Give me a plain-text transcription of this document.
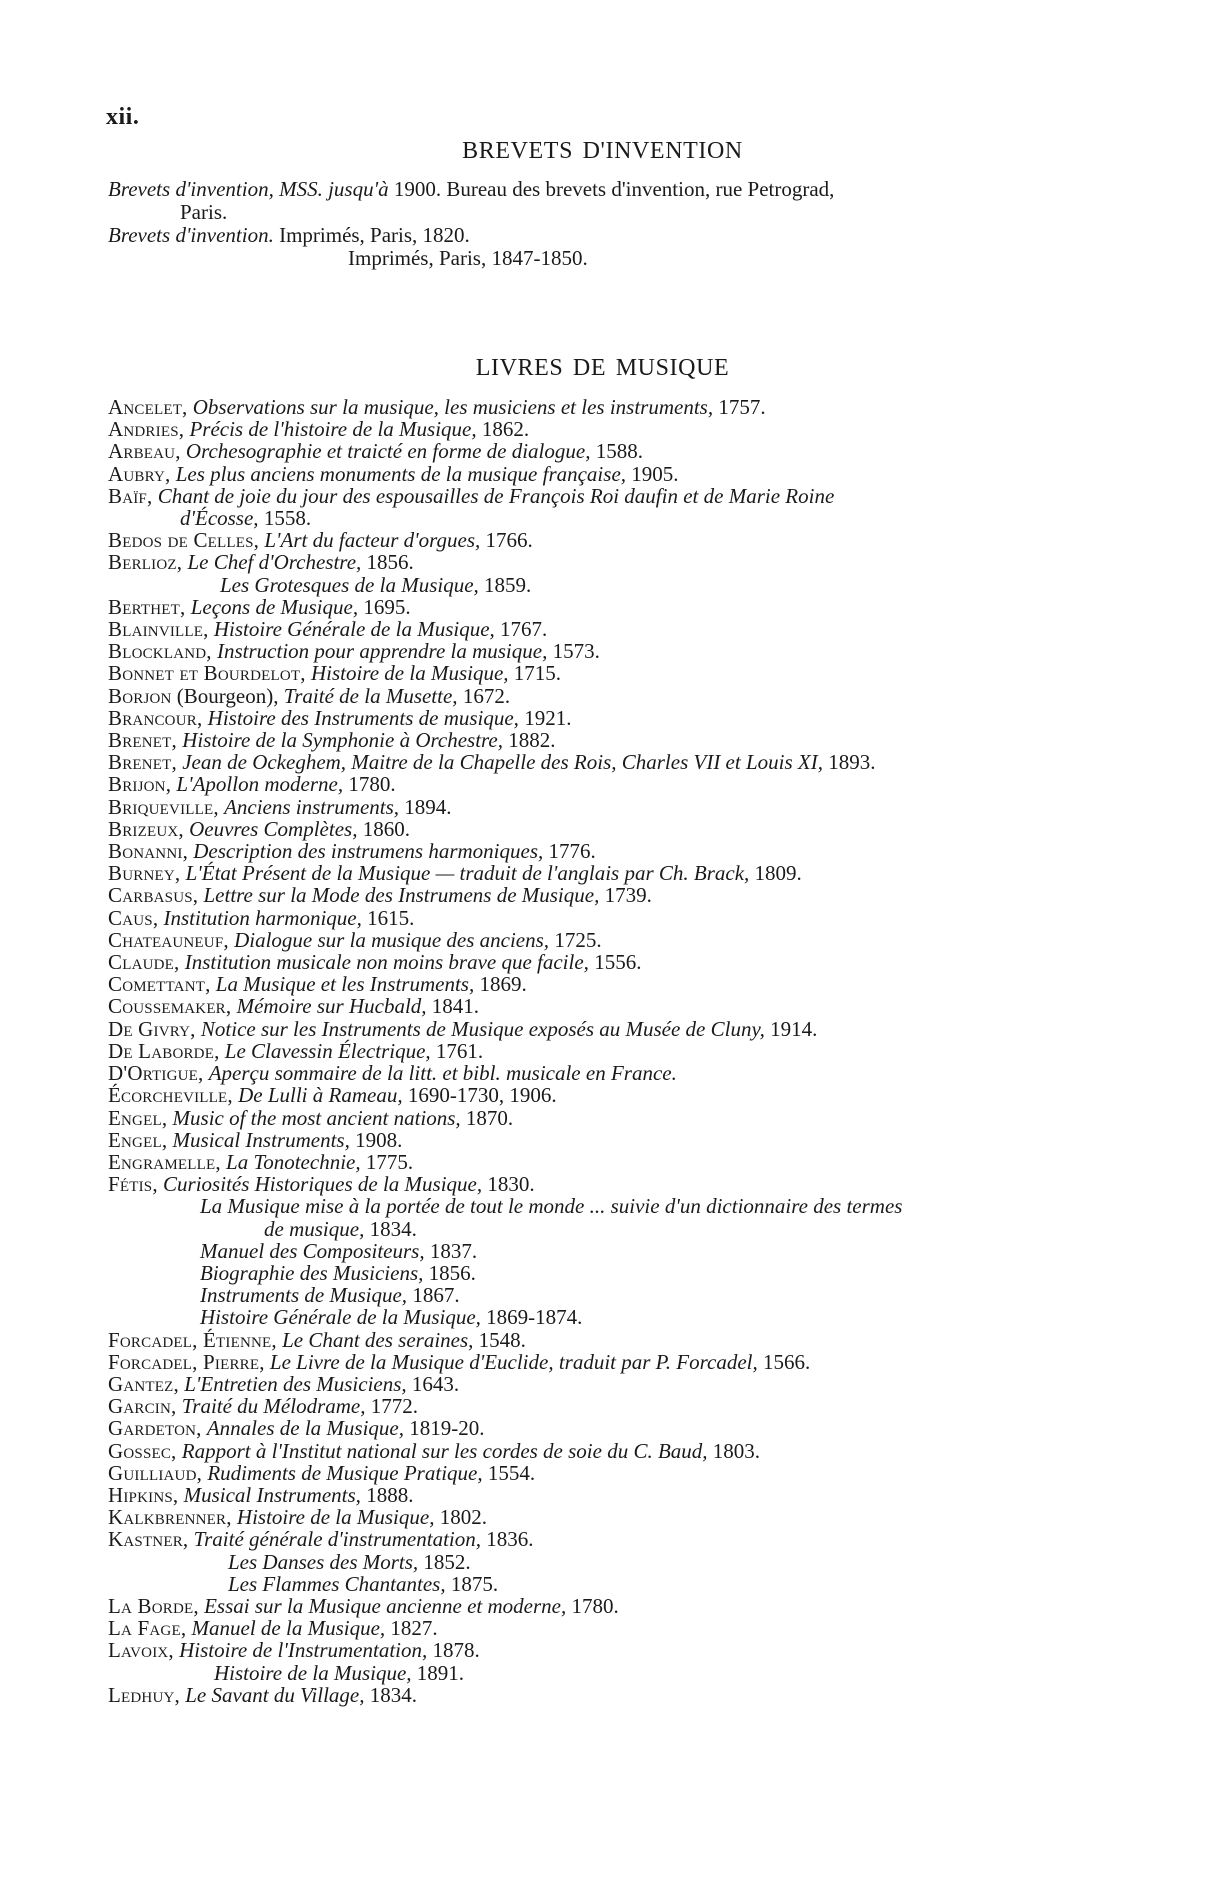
xii.
BREVETS D'INVENTION
Brevets d'invention, MSS. jusqu'à 1900. Bureau des brevets d'invention, rue Petrograd,
Paris.
Brevets d'invention. Imprimés, Paris, 1820.
Imprimés, Paris, 1847-1850.
LIVRES DE MUSIQUE
Ancelet, Observations sur la musique, les musiciens et les instruments, 1757.
Andries, Précis de l'histoire de la Musique, 1862.
Arbeau, Orchesographie et traicté en forme de dialogue, 1588.
Aubry, Les plus anciens monuments de la musique française, 1905.
Baïf, Chant de joie du jour des espousailles de François Roi daufin et de Marie Roine
d'Écosse, 1558.
Bedos de Celles, L'Art du facteur d'orgues, 1766.
Berlioz, Le Chef d'Orchestre, 1856.
Les Grotesques de la Musique, 1859.
Berthet, Leçons de Musique, 1695.
Blainville, Histoire Générale de la Musique, 1767.
Blockland, Instruction pour apprendre la musique, 1573.
Bonnet et Bourdelot, Histoire de la Musique, 1715.
Borjon (Bourgeon), Traité de la Musette, 1672.
Brancour, Histoire des Instruments de musique, 1921.
Brenet, Histoire de la Symphonie à Orchestre, 1882.
Brenet, Jean de Ockeghem, Maitre de la Chapelle des Rois, Charles VII et Louis XI, 1893.
Brijon, L'Apollon moderne, 1780.
Briqueville, Anciens instruments, 1894.
Brizeux, Oeuvres Complètes, 1860.
Bonanni, Description des instrumens harmoniques, 1776.
Burney, L'État Présent de la Musique — traduit de l'anglais par Ch. Brack, 1809.
Carbasus, Lettre sur la Mode des Instrumens de Musique, 1739.
Caus, Institution harmonique, 1615.
Chateauneuf, Dialogue sur la musique des anciens, 1725.
Claude, Institution musicale non moins brave que facile, 1556.
Comettant, La Musique et les Instruments, 1869.
Coussemaker, Mémoire sur Hucbald, 1841.
De Givry, Notice sur les Instruments de Musique exposés au Musée de Cluny, 1914.
De Laborde, Le Clavessin Électrique, 1761.
D'Ortigue, Aperçu sommaire de la litt. et bibl. musicale en France.
Écorcheville, De Lulli à Rameau, 1690-1730, 1906.
Engel, Music of the most ancient nations, 1870.
Engel, Musical Instruments, 1908.
Engramelle, La Tonotechnie, 1775.
Fétis, Curiosités Historiques de la Musique, 1830.
La Musique mise à la portée de tout le monde ... suivie d'un dictionnaire des termes
de musique, 1834.
Manuel des Compositeurs, 1837.
Biographie des Musiciens, 1856.
Instruments de Musique, 1867.
Histoire Générale de la Musique, 1869-1874.
Forcadel, Étienne, Le Chant des seraines, 1548.
Forcadel, Pierre, Le Livre de la Musique d'Euclide, traduit par P. Forcadel, 1566.
Gantez, L'Entretien des Musiciens, 1643.
Garcin, Traité du Mélodrame, 1772.
Gardeton, Annales de la Musique, 1819-20.
Gossec, Rapport à l'Institut national sur les cordes de soie du C. Baud, 1803.
Guilliaud, Rudiments de Musique Pratique, 1554.
Hipkins, Musical Instruments, 1888.
Kalkbrenner, Histoire de la Musique, 1802.
Kastner, Traité générale d'instrumentation, 1836.
Les Danses des Morts, 1852.
Les Flammes Chantantes, 1875.
La Borde, Essai sur la Musique ancienne et moderne, 1780.
La Fage, Manuel de la Musique, 1827.
Lavoix, Histoire de l'Instrumentation, 1878.
Histoire de la Musique, 1891.
Ledhuy, Le Savant du Village, 1834.
